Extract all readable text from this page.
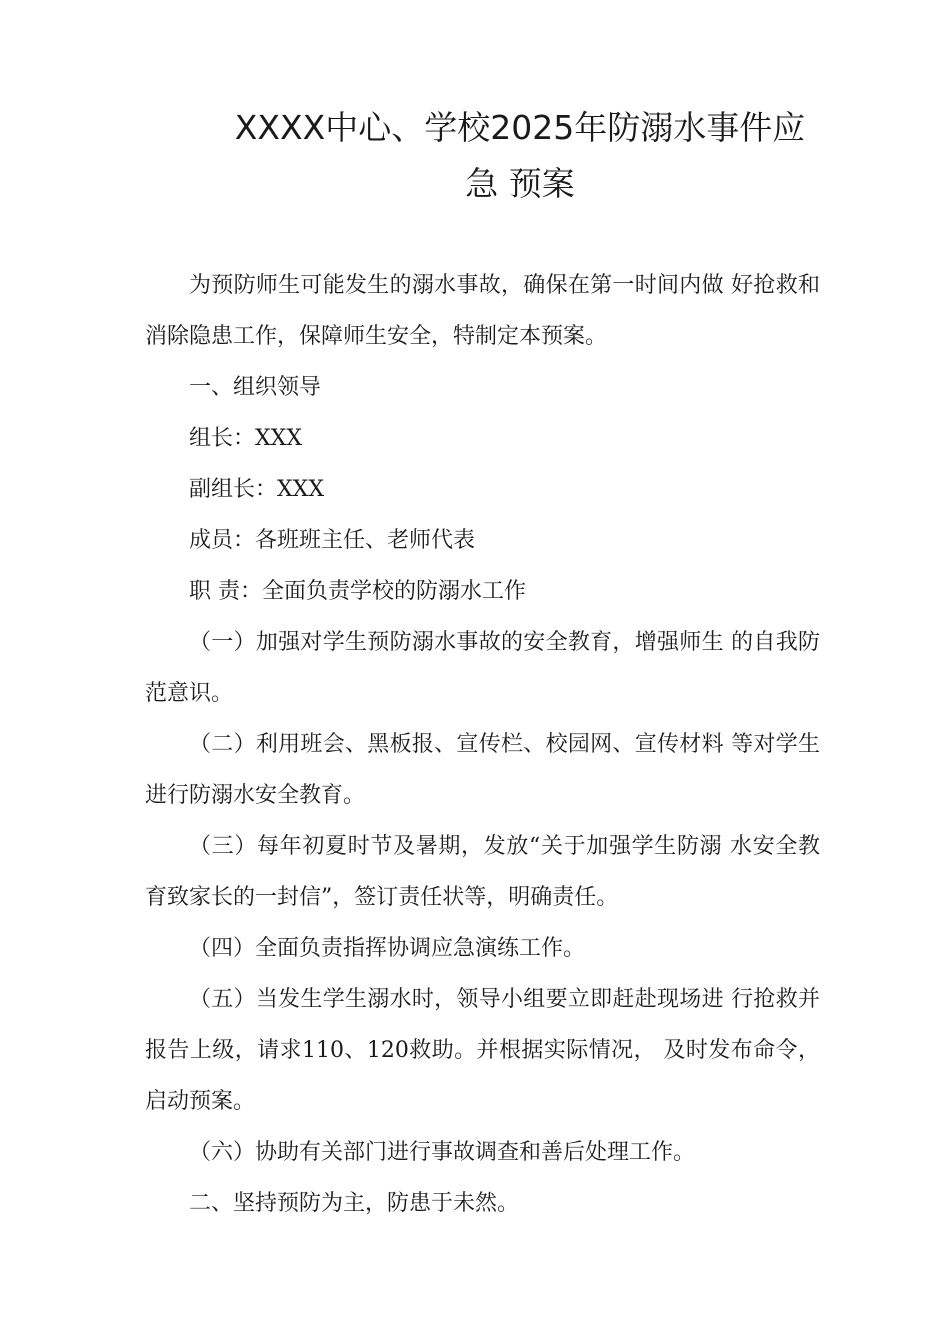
XXXX中心、学校2025年防溺水事件应
急 预案

为预防师生可能发生的溺水事故，确保在第一时间内做 好抢救和消除隐患工作，保障师生安全，特制定本预案。

一、组织领导

组长：XXX

副组长：XXX

成员：各班班主任、老师代表

职 责：全面负责学校的防溺水工作

（一）加强对学生预防溺水事故的安全教育，增强师生 的自我防范意识。

（二）利用班会、黑板报、宣传栏、校园网、宣传材料 等对学生进行防溺水安全教育。

（三）每年初夏时节及暑期，发放“关于加强学生防溺 水安全教育致家长的一封信”，签订责任状等，明确责任。

（四）全面负责指挥协调应急演练工作。

（五）当发生学生溺水时，领导小组要立即赶赴现场进 行抢救并报告上级，请求110、120救助。并根据实际情况， 及时发布命令，启动预案。

（六）协助有关部门进行事故调查和善后处理工作。

二、坚持预防为主，防患于未然。
